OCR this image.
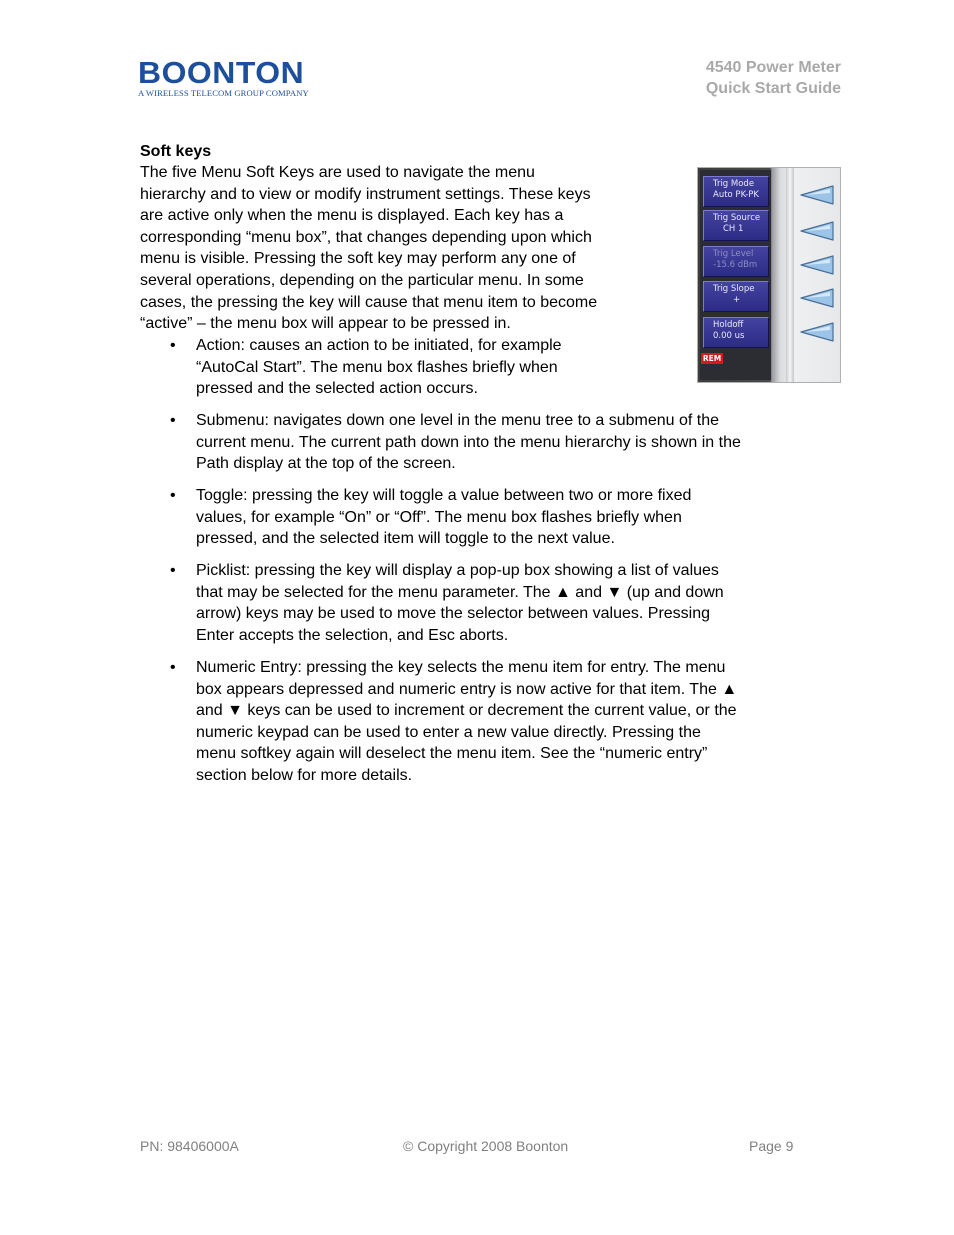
BOONTON
A WIRELESS TELECOM GROUP COMPANY
4540 Power Meter
Quick Start Guide
Soft keys

The five Menu Soft Keys are used to navigate the menu

hierarchy and to view or modify instrument settings. These keys

are active only when the menu is displayed. Each key has a

corresponding “menu box”, that changes depending upon which

menu is visible. Pressing the soft key may perform any one of

several operations, depending on the particular menu. In some

cases, the pressing the key will cause that menu item to become

“active” – the menu box will appear to be pressed in.

• Action: causes an action to be initiated, for example
“AutoCal Start”. The menu box flashes briefly when
pressed and the selected action occurs.
• Submenu: navigates down one level in the menu tree to a submenu of the
current menu. The current path down into the menu hierarchy is shown in the
Path display at the top of the screen.
• Toggle: pressing the key will toggle a value between two or more fixed
values, for example “On” or “Off”. The menu box flashes briefly when
pressed, and the selected item will toggle to the next value.
• Picklist: pressing the key will display a pop-up box showing a list of values
that may be selected for the menu parameter. The ▲ and ▼ (up and down
arrow) keys may be used to move the selector between values. Pressing
Enter accepts the selection, and Esc aborts.
• Numeric Entry: pressing the key selects the menu item for entry. The menu
box appears depressed and numeric entry is now active for that item. The ▲
and ▼ keys can be used to increment or decrement the current value, or the
numeric keypad can be used to enter a new value directly. Pressing the
menu softkey again will deselect the menu item. See the “numeric entry”
section below for more details.
Trig Mode
Auto PK-PK
Trig Source
CH 1
Trig Level
-15.6 dBm
Trig Slope
+
Holdoff
0.00 us
REM
PN: 98406000A	© Copyright 2008 Boonton	Page 9
